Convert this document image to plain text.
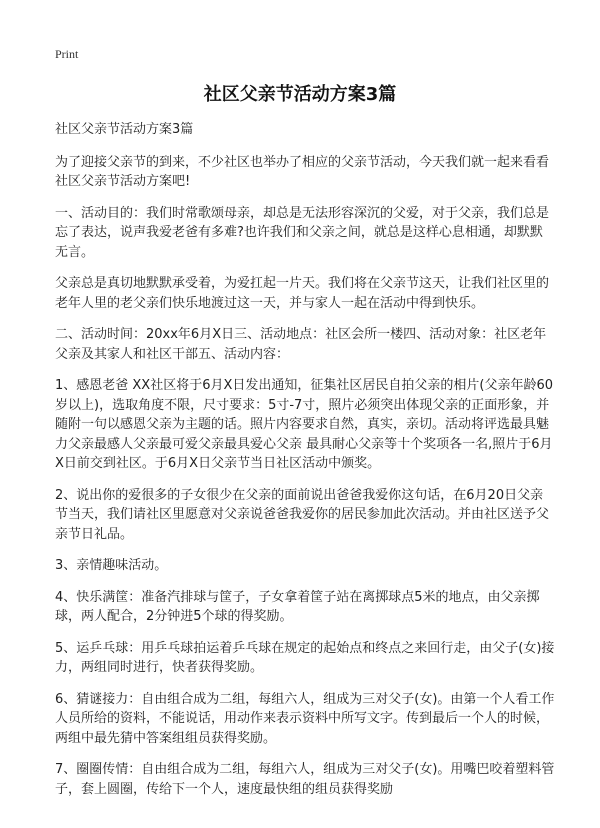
Print
社区父亲节活动方案3篇

社区父亲节活动方案3篇

为了迎接父亲节的到来，不少社区也举办了相应的父亲节活动，今天我们就一起来看看社区父亲节活动方案吧!

一、活动目的：我们时常歌颂母亲，却总是无法形容深沉的父爱，对于父亲，我们总是忘了表达，说声我爱老爸有多难?也许我们和父亲之间，就总是这样心息相通，却默默无言。

父亲总是真切地默默承受着，为爱扛起一片天。我们将在父亲节这天，让我们社区里的老年人里的老父亲们快乐地渡过这一天，并与家人一起在活动中得到快乐。

二、活动时间：20xx年6月X日三、活动地点：社区会所一楼四、活动对象：社区老年父亲及其家人和社区干部五、活动内容：

1、感恩老爸 XX社区将于6月X日发出通知，征集社区居民自拍父亲的相片(父亲年龄60岁以上)，选取角度不限，尺寸要求：5寸-7寸，照片必须突出体现父亲的正面形象，并随附一句以感恩父亲为主题的话。照片内容要求自然，真实，亲切。活动将评选最具魅力父亲最感人父亲最可爱父亲最具爱心父亲 最具耐心父亲等十个奖项各一名,照片于6月X日前交到社区。于6月X日父亲节当日社区活动中颁奖。

2、说出你的爱很多的子女很少在父亲的面前说出爸爸我爱你这句话，在6月20日父亲节当天，我们请社区里愿意对父亲说爸爸我爱你的居民参加此次活动。并由社区送予父亲节日礼品。

3、亲情趣味活动。

4、快乐满筐：准备汽排球与筐子，子女拿着筐子站在离掷球点5米的地点，由父亲掷球，两人配合，2分钟进5个球的得奖励。

5、运乒乓球：用乒乓球拍运着乒乓球在规定的起始点和终点之来回行走，由父子(女)接力，两组同时进行，快者获得奖励。

6、猜谜接力：自由组合成为二组，每组六人，组成为三对父子(女)。由第一个人看工作人员所给的资料，不能说话，用动作来表示资料中所写文字。传到最后一个人的时候，两组中最先猜中答案组组员获得奖励。

7、圈圈传情：自由组合成为二组，每组六人，组成为三对父子(女)。用嘴巴咬着塑料管子，套上圆圈，传给下一个人，速度最快组的组员获得奖励
